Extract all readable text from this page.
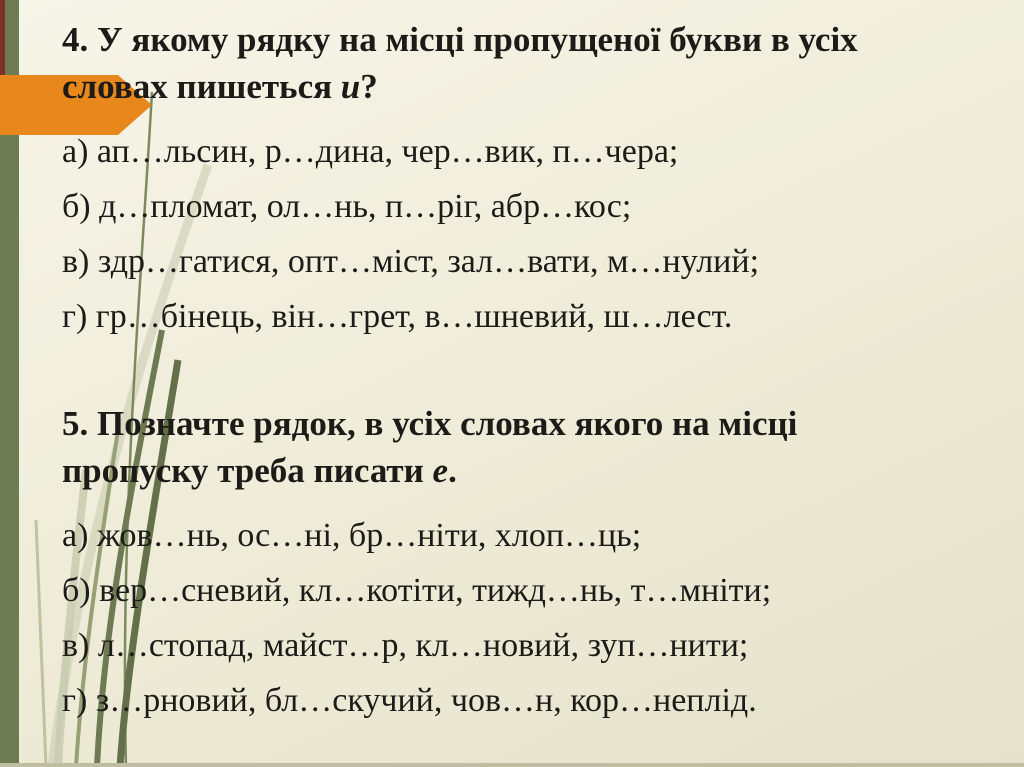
4. У якому рядку на місці пропущеної букви в усіх
словах пишеться и?

а) ап…льсин, р…дина, чер…вик, п…чера;

б) д…пломат, ол…нь, п…ріг, абр…кос;

в) здр…гатися, опт…міст, зал…вати, м…нулий;

г) гр…бінець, він…грет, в…шневий, ш…лест.

5. Позначте рядок, в усіх словах якого на місці
пропуску треба писати е.

а) жов…нь, ос…ні, бр…ніти, хлоп…ць;

б) вер…сневий, кл…котіти, тижд…нь, т…мніти;

в) л…стопад, майст…р, кл…новий, зуп…нити;

г) з…рновий, бл…скучий, чов…н, кор…неплід.
